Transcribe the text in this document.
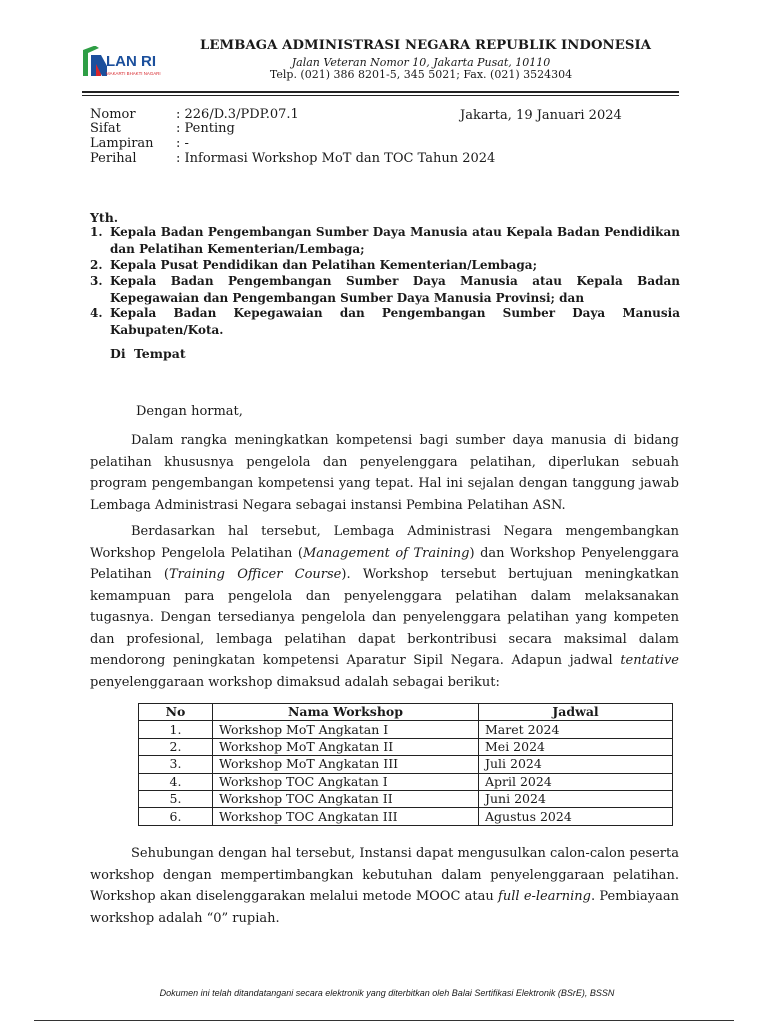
LAN RI
MAKARTI BHAKTI NAGARI
LEMBAGA ADMINISTRASI NEGARA REPUBLIK INDONESIA
Jalan Veteran Nomor 10, Jakarta Pusat, 10110
Telp. (021) 386 8201-5, 345 5021; Fax. (021) 3524304
Nomor	: 226/D.3/PDP.07.1
Sifat	: Penting
Lampiran : -
Perihal	: Informasi Workshop MoT dan TOC Tahun 2024
Jakarta, 19 Januari 2024
Yth.
1. Kepala Badan Pengembangan Sumber Daya Manusia atau Kepala Badan Pendidikan dan Pelatihan Kementerian/Lembaga;
2. Kepala Pusat Pendidikan dan Pelatihan Kementerian/Lembaga;
3. Kepala Badan Pengembangan Sumber Daya Manusia atau Kepala Badan Kepegawaian dan Pengembangan Sumber Daya Manusia Provinsi; dan
4. Kepala Badan Kepegawaian dan Pengembangan Sumber Daya Manusia Kabupaten/Kota.
Di Tempat
Dengan hormat,
Dalam rangka meningkatkan kompetensi bagi sumber daya manusia di bidang pelatihan khususnya pengelola dan penyelenggara pelatihan, diperlukan sebuah program pengembangan kompetensi yang tepat. Hal ini sejalan dengan tanggung jawab Lembaga Administrasi Negara sebagai instansi Pembina Pelatihan ASN.
Berdasarkan hal tersebut, Lembaga Administrasi Negara mengembangkan Workshop Pengelola Pelatihan (Management of Training) dan Workshop Penyelenggara Pelatihan (Training Officer Course). Workshop tersebut bertujuan meningkatkan kemampuan para pengelola dan penyelenggara pelatihan dalam melaksanakan tugasnya. Dengan tersedianya pengelola dan penyelenggara pelatihan yang kompeten dan profesional, lembaga pelatihan dapat berkontribusi secara maksimal dalam mendorong peningkatan kompetensi Aparatur Sipil Negara. Adapun jadwal tentative penyelenggaraan workshop dimaksud adalah sebagai berikut:
No	Nama Workshop	Jadwal
1.	Workshop MoT Angkatan I	Maret 2024
2.	Workshop MoT Angkatan II	Mei 2024
3.	Workshop MoT Angkatan III	Juli 2024
4.	Workshop TOC Angkatan I	April 2024
5.	Workshop TOC Angkatan II	Juni 2024
6.	Workshop TOC Angkatan III	Agustus 2024
Sehubungan dengan hal tersebut, Instansi dapat mengusulkan calon-calon peserta workshop dengan mempertimbangkan kebutuhan dalam penyelenggaraan pelatihan. Workshop akan diselenggarakan melalui metode MOOC atau full e-learning. Pembiayaan workshop adalah “0” rupiah.
Dokumen ini telah ditandatangani secara elektronik yang diterbitkan oleh Balai Sertifikasi Elektronik (BSrE), BSSN
